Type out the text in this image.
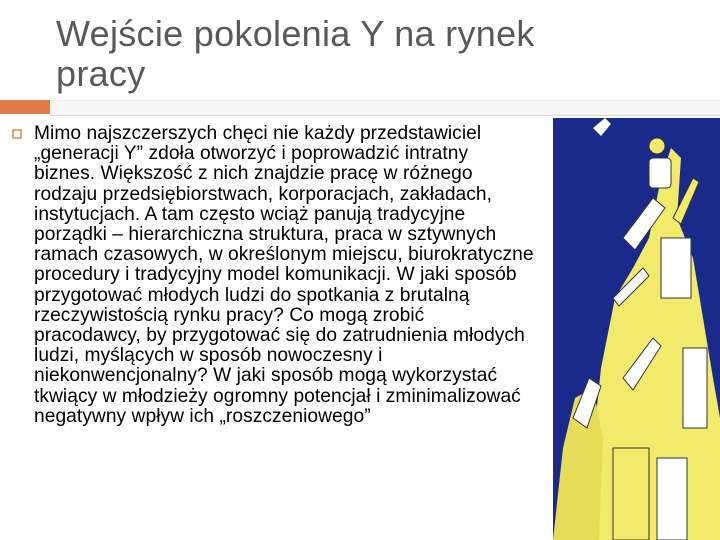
Wejście pokolenia Y na rynek
pracy
Mimo najszczerszych chęci nie każdy przedstawiciel „generacji Y” zdoła otworzyć i poprowadzić intratny biznes. Większość z nich znajdzie pracę w różnego rodzaju przedsiębiorstwach, korporacjach, zakładach, instytucjach. A tam często wciąż panują tradycyjne porządki – hierarchiczna struktura, praca w sztywnych ramach czasowych, w określonym miejscu, biurokratyczne procedury i tradycyjny model komunikacji. W jaki sposób przygotować młodych ludzi do spotkania z brutalną rzeczywistością rynku pracy? Co mogą zrobić pracodawcy, by przygotować się do zatrudnienia młodych ludzi, myślących w sposób nowoczesny i niekonwencjonalny? W jaki sposób mogą wykorzystać tkwiący w młodzieży ogromny potencjał i zminimalizować negatywny wpływ ich „roszczeniowego”
